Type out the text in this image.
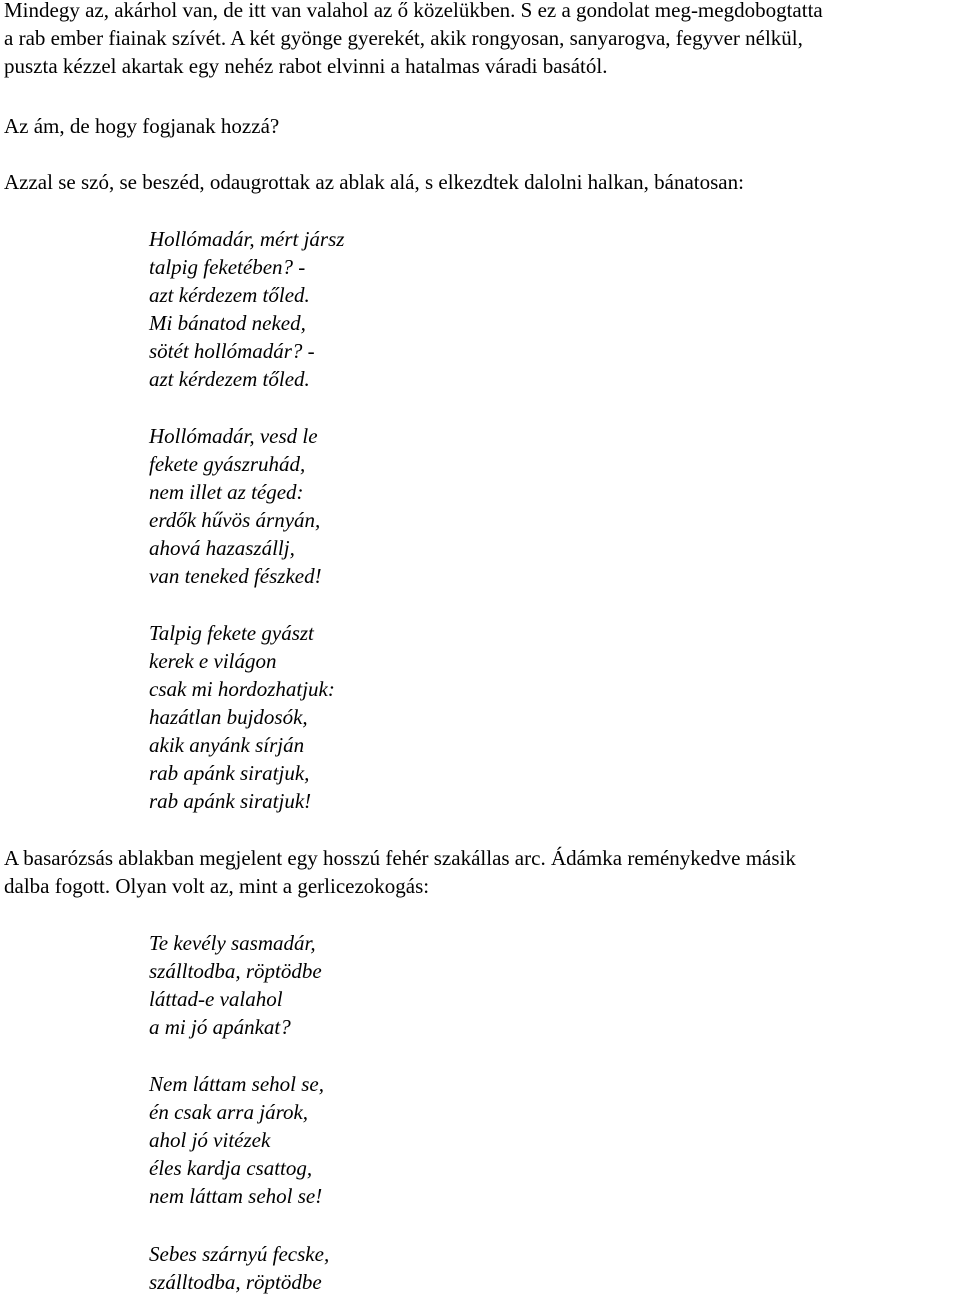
Mindegy az, akárhol van, de itt van valahol az ő közelükben. S ez a gondolat meg-megdobogtatta
a rab ember fiainak szívét. A két gyönge gyerekét, akik rongyosan, sanyarogva, fegyver nélkül,
puszta kézzel akartak egy nehéz rabot elvinni a hatalmas váradi basától.
Az ám, de hogy fogjanak hozzá?
Azzal se szó, se beszéd, odaugrottak az ablak alá, s elkezdtek dalolni halkan, bánatosan:
Hollómadár, mért jársz
talpig feketében? -
azt kérdezem tőled.
Mi bánatod neked,
sötét hollómadár? -
azt kérdezem tőled.
Hollómadár, vesd le
fekete gyászruhád,
nem illet az téged:
erdők hűvös árnyán,
ahová hazaszállj,
van teneked fészked!
Talpig fekete gyászt
kerek e világon
csak mi hordozhatjuk:
hazátlan bujdosók,
akik anyánk sírján
rab apánk siratjuk,
rab apánk siratjuk!
A basarózsás ablakban megjelent egy hosszú fehér szakállas arc. Ádámka reménykedve másik
dalba fogott. Olyan volt az, mint a gerlicezokogás:
Te kevély sasmadár,
szálltodba, röptödbe
láttad-e valahol
a mi jó apánkat?
Nem láttam sehol se,
én csak arra járok,
ahol jó vitézek
éles kardja csattog,
nem láttam sehol se!
Sebes szárnyú fecske,
szálltodba, röptödbe
